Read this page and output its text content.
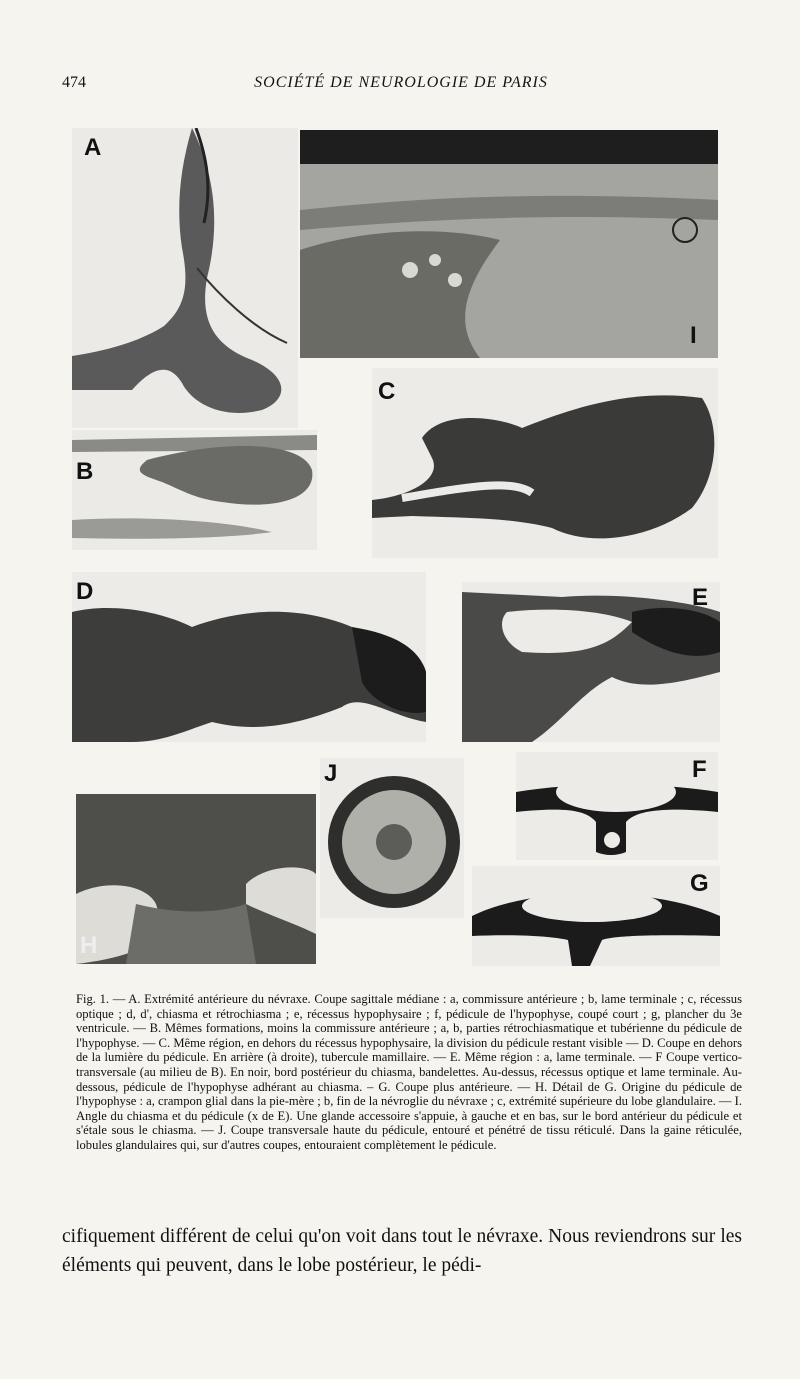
474	SOCIÉTÉ DE NEUROLOGIE DE PARIS
A
I
B
C
D	E
J	F
G
H
Fig. 1. — A. Extrémité antérieure du névraxe. Coupe sagittale médiane : a, commissure antérieure ; b, lame terminale ; c, récessus optique ; d, d', chiasma et rétrochiasma ; e, récessus hypophysaire ; f, pédicule de l'hypophyse, coupé court ; g, plancher du 3e ventricule. — B. Mêmes formations, moins la commissure antérieure ; a, b, parties rétrochiasmatique et tubérienne du pédicule de l'hypophyse. — C. Même région, en dehors du récessus hypophysaire, la division du pédicule restant visible — D. Coupe en dehors de la lumière du pédicule. En arrière (à droite), tubercule mamillaire. — E. Même région : a, lame terminale. — F Coupe vertico-transversale (au milieu de B). En noir, bord postérieur du chiasma, bandelettes. Au-dessus, récessus optique et lame terminale. Au-dessous, pédicule de l'hypophyse adhérant au chiasma. – G. Coupe plus antérieure. — H. Détail de G. Origine du pédicule de l'hypophyse : a, crampon glial dans la pie-mère ; b, fin de la névroglie du névraxe ; c, extrémité supérieure du lobe glandulaire. — I. Angle du chiasma et du pédicule (x de E). Une glande accessoire s'appuie, à gauche et en bas, sur le bord antérieur du pédicule et s'étale sous le chiasma. — J. Coupe transversale haute du pédicule, entouré et pénétré de tissu réticulé. Dans la gaine réticulée, lobules glandulaires qui, sur d'autres coupes, entouraient complètement le pédicule.
cifiquement différent de celui qu'on voit dans tout le névraxe. Nous reviendrons sur les éléments qui peuvent, dans le lobe postérieur, le pédi-
